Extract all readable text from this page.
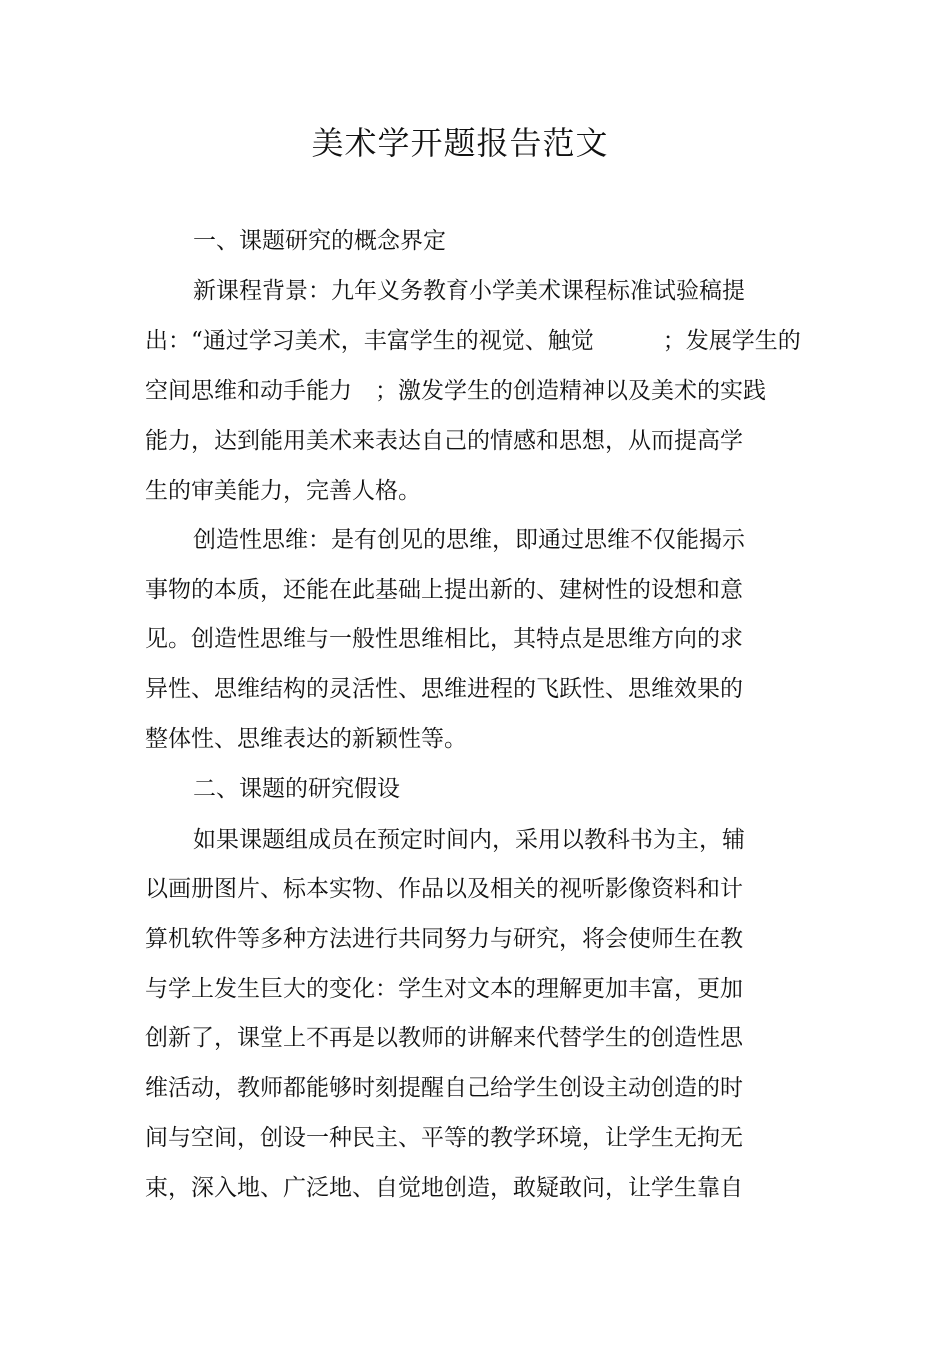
美术学开题报告范文
一、课题研究的概念界定
新课程背景：九年义务教育小学美术课程标准试验稿提
出：“通过学习美术，丰富学生的视觉、触觉　　　；发展学生的
空间思维和动手能力　；激发学生的创造精神以及美术的实践
能力，达到能用美术来表达自己的情感和思想，从而提高学
生的审美能力，完善人格。
创造性思维：是有创见的思维，即通过思维不仅能揭示
事物的本质，还能在此基础上提出新的、建树性的设想和意
见。创造性思维与一般性思维相比，其特点是思维方向的求
异性、思维结构的灵活性、思维进程的飞跃性、思维效果的
整体性、思维表达的新颖性等。
二、课题的研究假设
如果课题组成员在预定时间内，采用以教科书为主，辅
以画册图片、标本实物、作品以及相关的视听影像资料和计
算机软件等多种方法进行共同努力与研究，将会使师生在教
与学上发生巨大的变化：学生对文本的理解更加丰富，更加
创新了，课堂上不再是以教师的讲解来代替学生的创造性思
维活动，教师都能够时刻提醒自己给学生创设主动创造的时
间与空间，创设一种民主、平等的教学环境，让学生无拘无
束，深入地、广泛地、自觉地创造，敢疑敢问，让学生靠自
